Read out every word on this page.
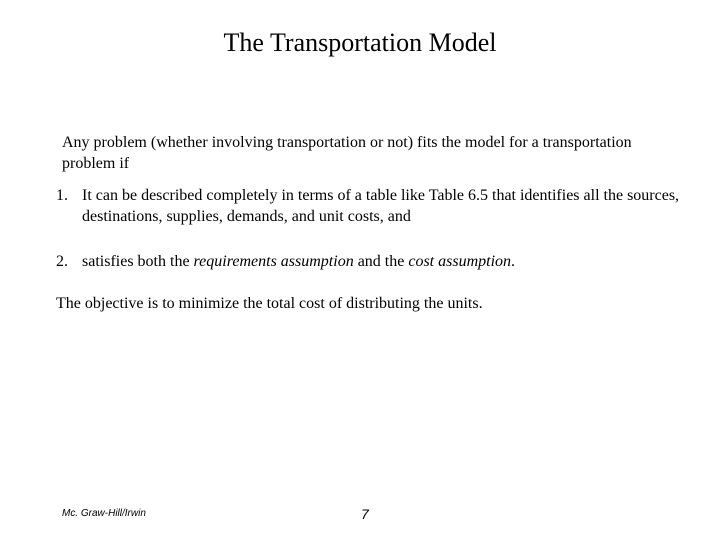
The Transportation Model
Any problem (whether involving transportation or not) fits the model for a transportation problem if
1. It can be described completely in terms of a table like Table 6.5 that identifies all the sources, destinations, supplies, demands, and unit costs, and
2. satisfies both the requirements assumption and the cost assumption.
The objective is to minimize the total cost of distributing the units.
Mc. Graw-Hill/Irwin	7
